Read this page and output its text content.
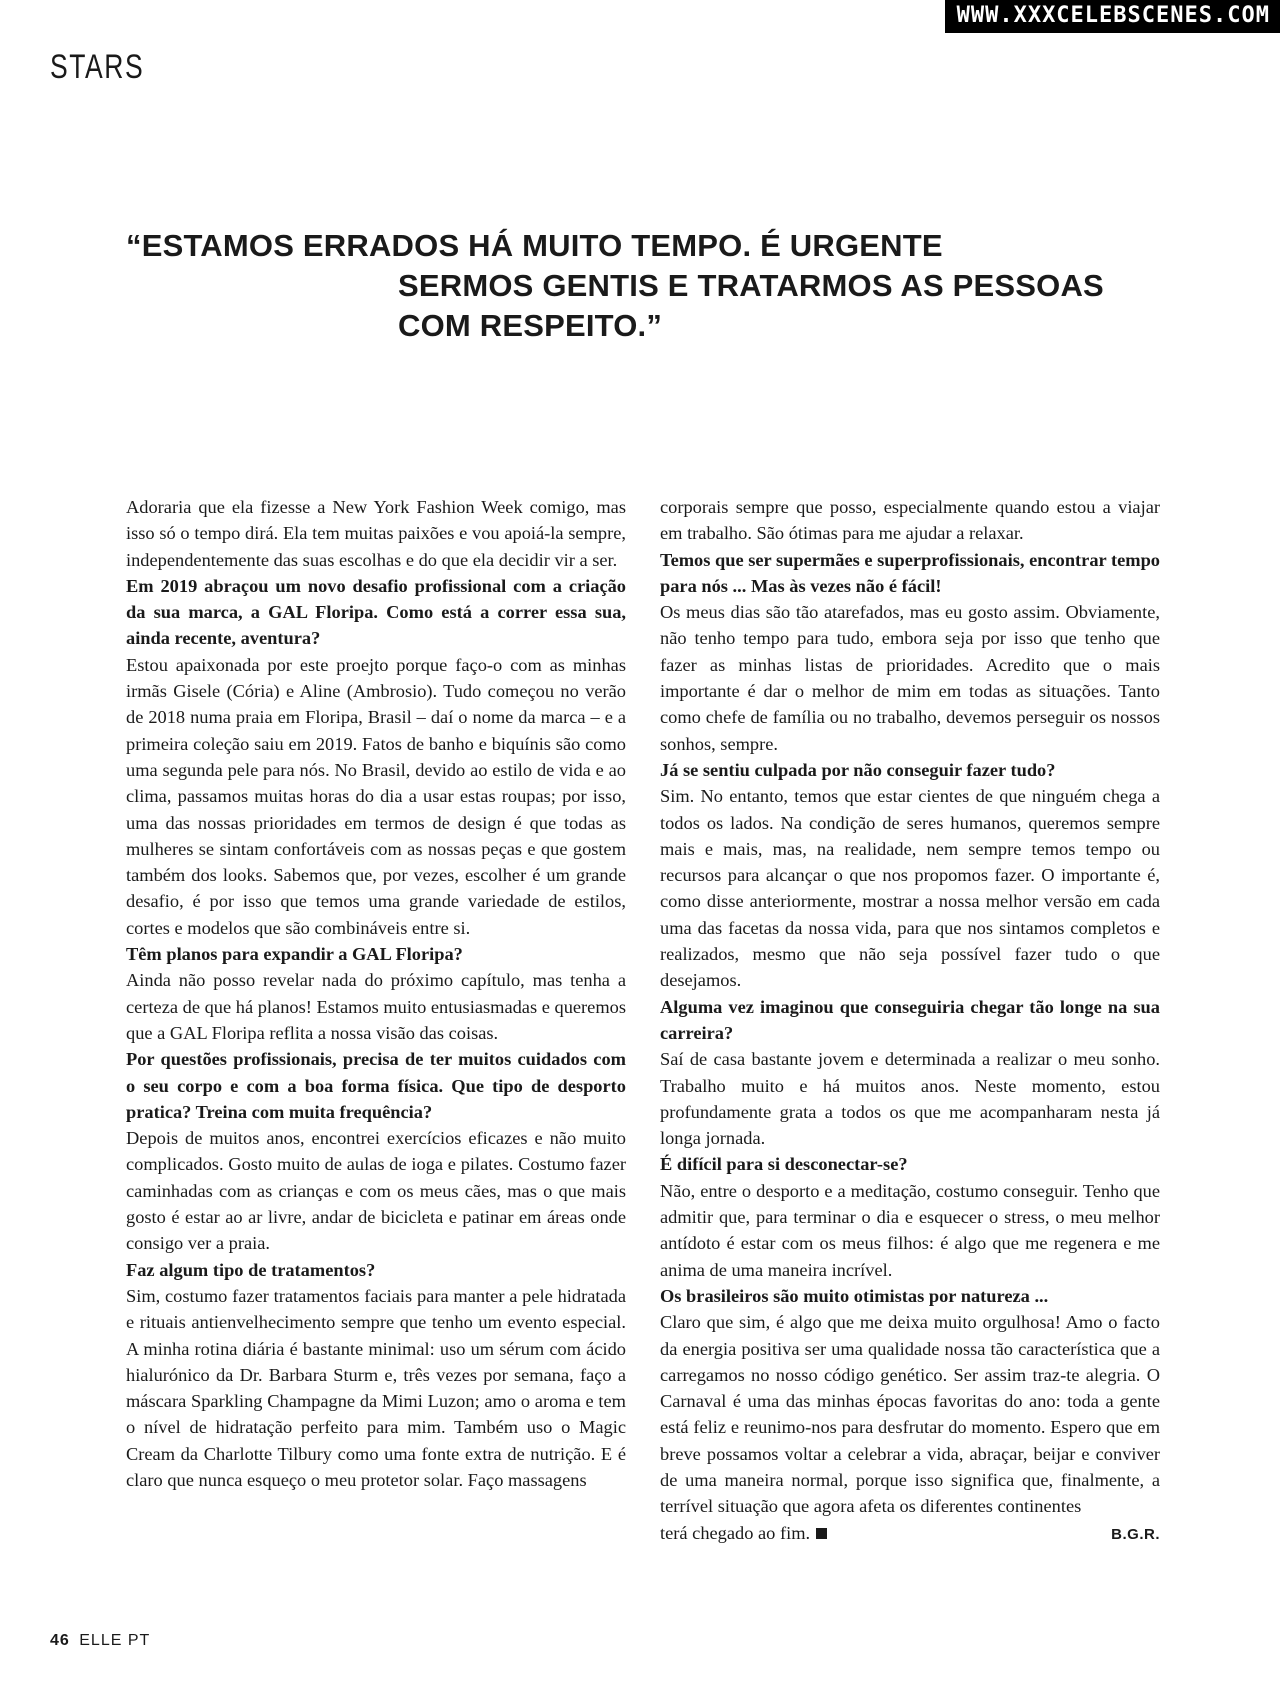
WWW.XXXCELEBSCENES.COM
STARS
“ESTAMOS ERRADOS HÁ MUITO TEMPO. É URGENTE
SERMOS GENTIS E TRATARMOS AS PESSOAS COM RESPEITO.”

Adoraria que ela fizesse a New York Fashion Week comigo, mas isso só o tempo dirá. Ela tem muitas paixões e vou apoiá-la sempre, independentemente das suas escolhas e do que ela decidir vir a ser.

Em 2019 abraçou um novo desafio profissional com a criação da sua marca, a GAL Floripa. Como está a correr essa sua, ainda recente, aventura?

Estou apaixonada por este proejto porque faço-o com as minhas irmãs Gisele (Cória) e Aline (Ambrosio). Tudo começou no verão de 2018 numa praia em Floripa, Brasil – daí o nome da marca – e a primeira coleção saiu em 2019. Fatos de banho e biquínis são como uma segunda pele para nós. No Brasil, devido ao estilo de vida e ao clima, passamos muitas horas do dia a usar estas roupas; por isso, uma das nossas prioridades em termos de design é que todas as mulheres se sintam confortáveis com as nossas peças e que gostem também dos looks. Sabemos que, por vezes, escolher é um grande desafio, é por isso que temos uma grande variedade de estilos, cortes e modelos que são combináveis entre si.

Têm planos para expandir a GAL Floripa?

Ainda não posso revelar nada do próximo capítulo, mas tenha a certeza de que há planos! Estamos muito entusiasmadas e queremos que a GAL Floripa reflita a nossa visão das coisas.

Por questões profissionais, precisa de ter muitos cuidados com o seu corpo e com a boa forma física. Que tipo de desporto pratica? Treina com muita frequência?

Depois de muitos anos, encontrei exercícios eficazes e não muito complicados. Gosto muito de aulas de ioga e pilates. Costumo fazer caminhadas com as crianças e com os meus cães, mas o que mais gosto é estar ao ar livre, andar de bicicleta e patinar em áreas onde consigo ver a praia.

Faz algum tipo de tratamentos?

Sim, costumo fazer tratamentos faciais para manter a pele hidratada e rituais antienvelhecimento sempre que tenho um evento especial. A minha rotina diária é bastante minimal: uso um sérum com ácido hialurónico da Dr. Barbara Sturm e, três vezes por semana, faço a máscara Sparkling Champagne da Mimi Luzon; amo o aroma e tem o nível de hidratação perfeito para mim. Também uso o Magic Cream da Charlotte Tilbury como uma fonte extra de nutrição. E é claro que nunca esqueço o meu protetor solar. Faço massagens

corporais sempre que posso, especialmente quando estou a viajar em trabalho. São ótimas para me ajudar a relaxar.

Temos que ser supermães e superprofissionais, encontrar tempo para nós ... Mas às vezes não é fácil!

Os meus dias são tão atarefados, mas eu gosto assim. Obviamente, não tenho tempo para tudo, embora seja por isso que tenho que fazer as minhas listas de prioridades. Acredito que o mais importante é dar o melhor de mim em todas as situações. Tanto como chefe de família ou no trabalho, devemos perseguir os nossos sonhos, sempre.

Já se sentiu culpada por não conseguir fazer tudo?

Sim. No entanto, temos que estar cientes de que ninguém chega a todos os lados. Na condição de seres humanos, queremos sempre mais e mais, mas, na realidade, nem sempre temos tempo ou recursos para alcançar o que nos propomos fazer. O importante é, como disse anteriormente, mostrar a nossa melhor versão em cada uma das facetas da nossa vida, para que nos sintamos completos e realizados, mesmo que não seja possível fazer tudo o que desejamos.

Alguma vez imaginou que conseguiria chegar tão longe na sua carreira?

Saí de casa bastante jovem e determinada a realizar o meu sonho. Trabalho muito e há muitos anos. Neste momento, estou profundamente grata a todos os que me acompanharam nesta já longa jornada.

É difícil para si desconectar-se?

Não, entre o desporto e a meditação, costumo conseguir. Tenho que admitir que, para terminar o dia e esquecer o stress, o meu melhor antídoto é estar com os meus filhos: é algo que me regenera e me anima de uma maneira incrível.

Os brasileiros são muito otimistas por natureza ...

Claro que sim, é algo que me deixa muito orgulhosa! Amo o facto da energia positiva ser uma qualidade nossa tão característica que a carregamos no nosso código genético. Ser assim traz-te alegria. O Carnaval é uma das minhas épocas favoritas do ano: toda a gente está feliz e reunimo-nos para desfrutar do momento. Espero que em breve possamos voltar a celebrar a vida, abraçar, beijar e conviver de uma maneira normal, porque isso significa que, finalmente, a terrível situação que agora afeta os diferentes continentes

terá chegado ao fim.	B.G.R.
46 ELLE PT
